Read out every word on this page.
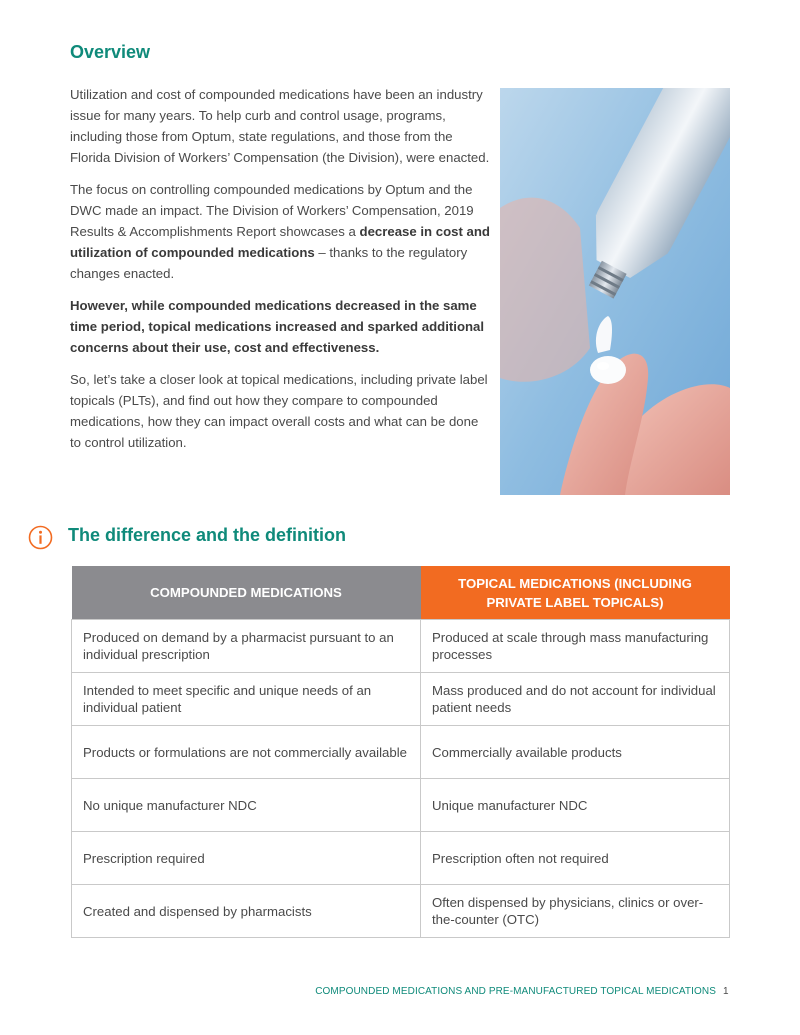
Overview

Utilization and cost of compounded medications have been an industry issue for many years. To help curb and control usage, programs, including those from Optum, state regulations, and those from the Florida Division of Workers’ Compensation (the Division), were enacted.

The focus on controlling compounded medications by Optum and the DWC made an impact. The Division of Workers’ Compensation, 2019 Results & Accomplishments Report showcases a decrease in cost and utilization of compounded medications – thanks to the regulatory changes enacted.

However, while compounded medications decreased in the same time period, topical medications increased and sparked additional concerns about their use, cost and effectiveness.

So, let’s take a closer look at topical medications, including private label topicals (PLTs), and find out how they compare to compounded medications, how they can impact overall costs and what can be done to control utilization.

The difference and the definition
COMPOUNDED MEDICATIONS	TOPICAL MEDICATIONS (INCLUDING PRIVATE LABEL TOPICALS)
Produced on demand by a pharmacist pursuant to an individual prescription	Produced at scale through mass manufacturing processes
Intended to meet specific and unique needs of an individual patient	Mass produced and do not account for individual patient needs
Products or formulations are not commercially available	Commercially available products
No unique manufacturer NDC	Unique manufacturer NDC
Prescription required	Prescription often not required
Created and dispensed by pharmacists	Often dispensed by physicians, clinics or over-the-counter (OTC)
COMPOUNDED MEDICATIONS AND PRE-MANUFACTURED TOPICAL MEDICATIONS 1
